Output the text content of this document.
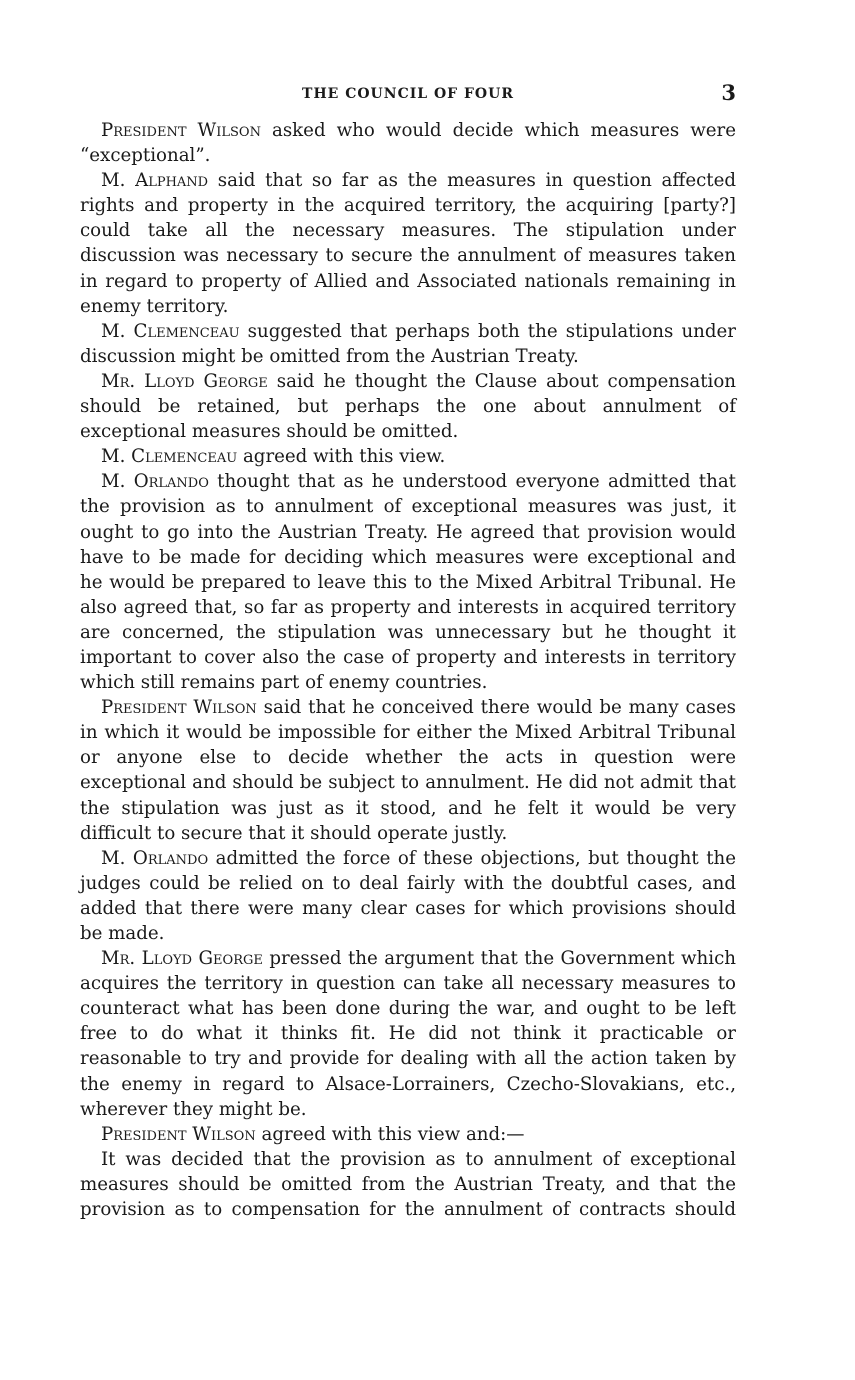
THE COUNCIL OF FOUR	3

President Wilson asked who would decide which measures were “exceptional”.

M. Alphand said that so far as the measures in question affected rights and property in the acquired territory, the acquiring [party?] could take all the necessary measures. The stipulation under discussion was necessary to secure the annulment of measures taken in regard to property of Allied and Associated nationals remaining in enemy territory.

M. Clemenceau suggested that perhaps both the stipulations under discussion might be omitted from the Austrian Treaty.

Mr. Lloyd George said he thought the Clause about compensation should be retained, but perhaps the one about annulment of exceptional measures should be omitted.

M. Clemenceau agreed with this view.

M. Orlando thought that as he understood everyone admitted that the provision as to annulment of exceptional measures was just, it ought to go into the Austrian Treaty. He agreed that provision would have to be made for deciding which measures were exceptional and he would be prepared to leave this to the Mixed Arbitral Tribunal. He also agreed that, so far as property and interests in acquired territory are concerned, the stipulation was unnecessary but he thought it important to cover also the case of property and interests in territory which still remains part of enemy countries.

President Wilson said that he conceived there would be many cases in which it would be impossible for either the Mixed Arbitral Tribunal or anyone else to decide whether the acts in question were exceptional and should be subject to annulment. He did not admit that the stipulation was just as it stood, and he felt it would be very difficult to secure that it should operate justly.

M. Orlando admitted the force of these objections, but thought the judges could be relied on to deal fairly with the doubtful cases, and added that there were many clear cases for which provisions should be made.

Mr. Lloyd George pressed the argument that the Government which acquires the territory in question can take all necessary measures to counteract what has been done during the war, and ought to be left free to do what it thinks fit. He did not think it practicable or reasonable to try and provide for dealing with all the action taken by the enemy in regard to Alsace-Lorrainers, Czecho-Slovakians, etc., wherever they might be.

President Wilson agreed with this view and:—

It was decided that the provision as to annulment of exceptional measures should be omitted from the Austrian Treaty, and that the provision as to compensation for the annulment of contracts should
